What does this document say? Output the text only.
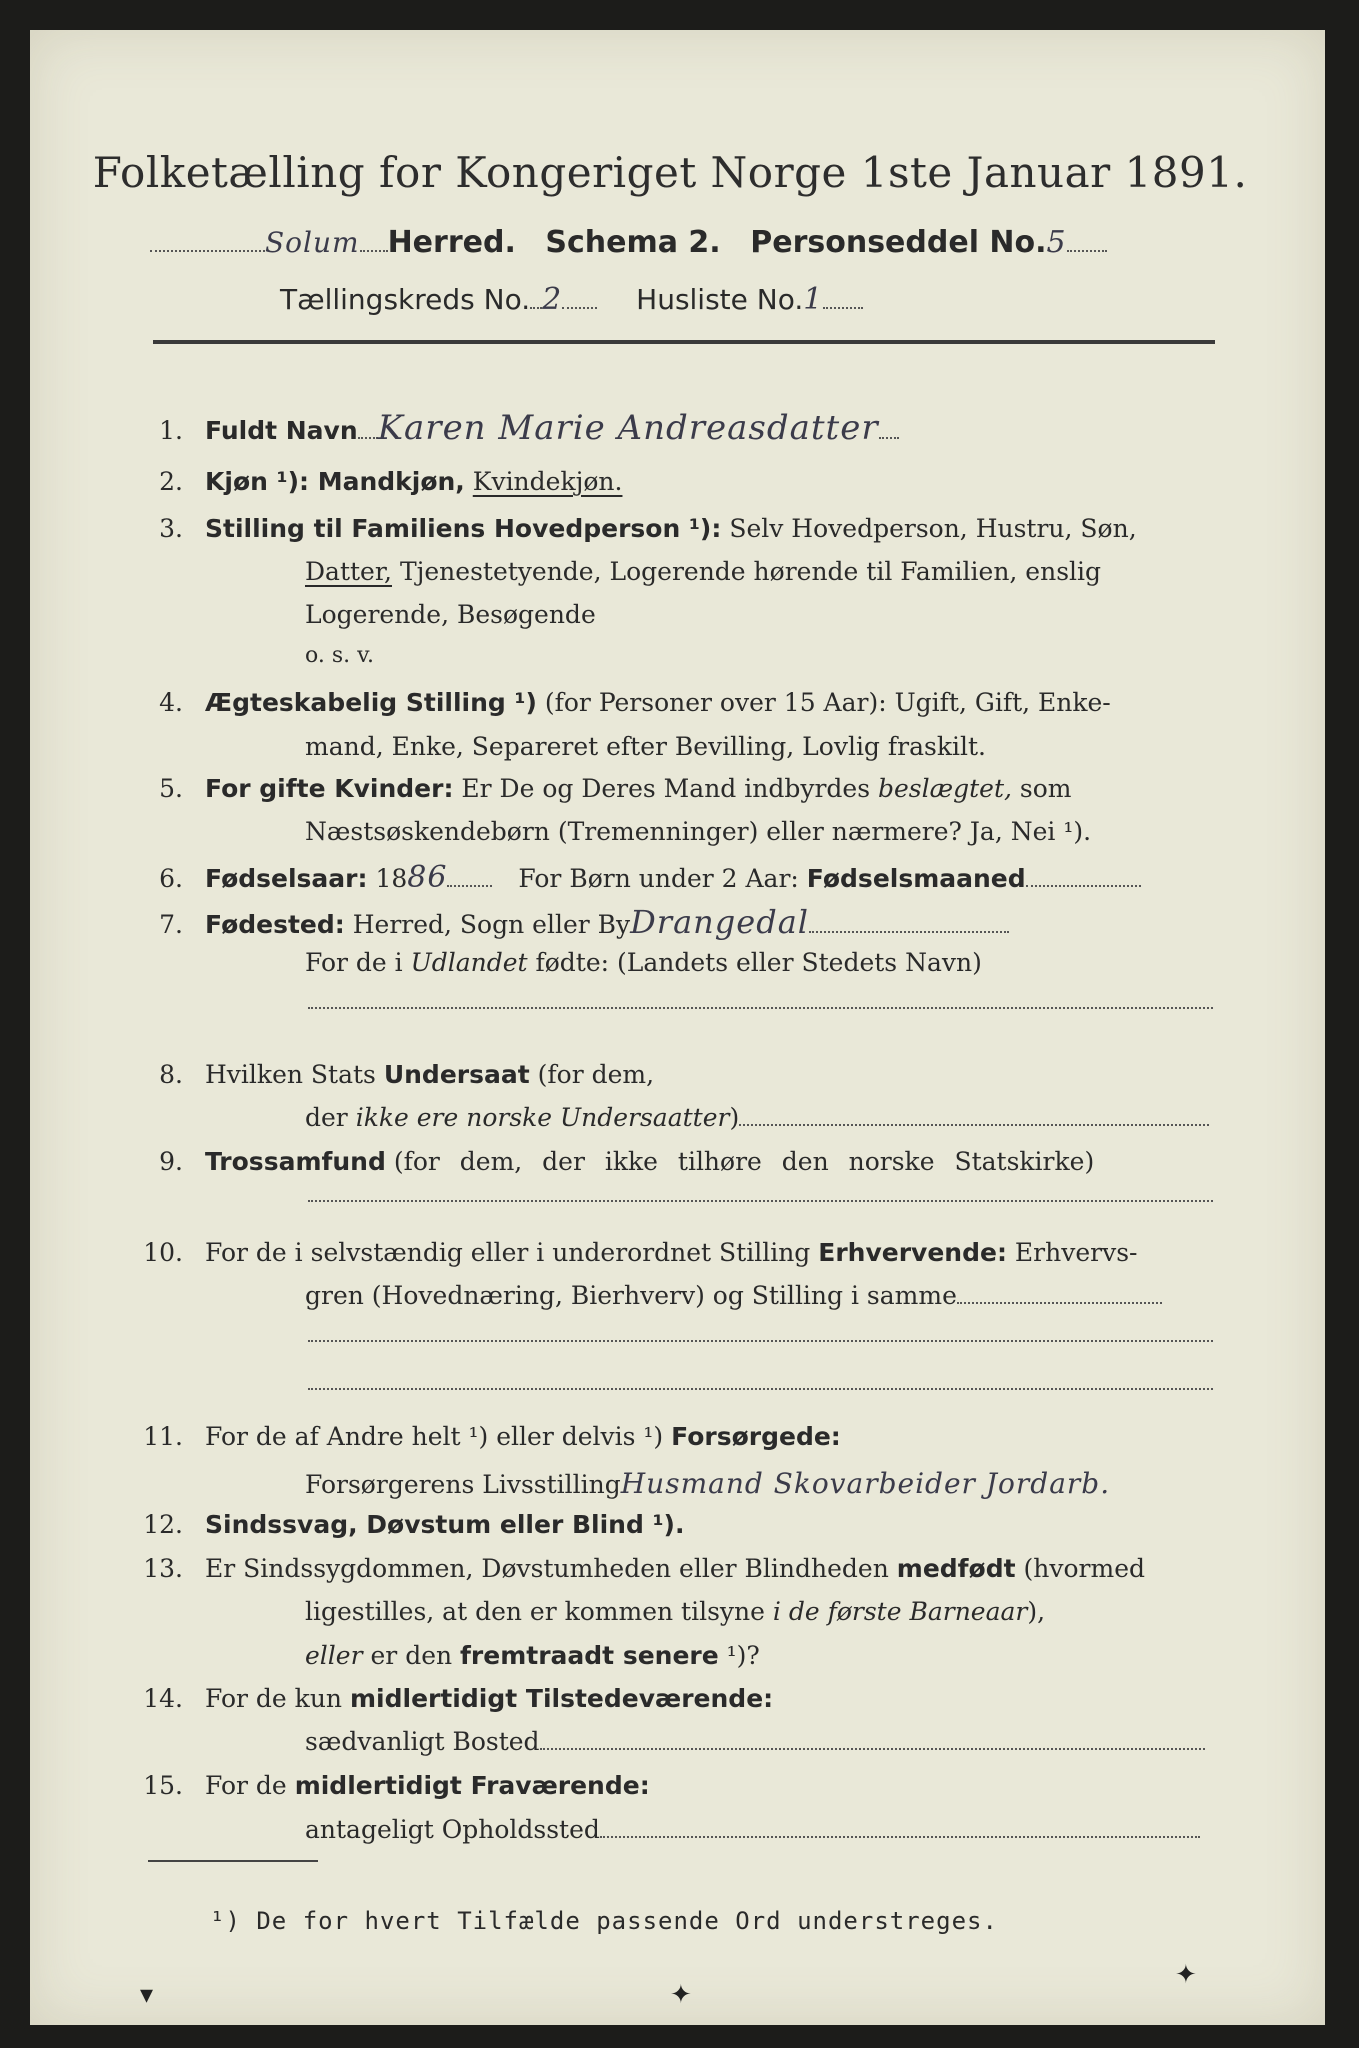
Folketælling for Kongeriget Norge 1ste Januar 1891.
Solum Herred. Schema 2. Personseddel No.5
Tællingskreds No. 2	Husliste No.1
1. Fuldt Navn Karen Marie Andreasdatter
2. Kjøn ¹): Mandkjøn, Kvindekjøn.
3. Stilling til Familiens Hovedperson ¹): Selv Hovedperson, Hustru, Søn,
Datter, Tjenestetyende, Logerende hørende til Familien, enslig
Logerende, Besøgende
o. s. v.
4. Ægteskabelig Stilling ¹) (for Personer over 15 Aar): Ugift, Gift, Enke-
mand, Enke, Separeret efter Bevilling, Lovlig fraskilt.
5. For gifte Kvinder: Er De og Deres Mand indbyrdes beslægtet, som
Næstsøskendebørn (Tremenninger) eller nærmere? Ja, Nei ¹).
6. Fødselsaar: 1886	For Børn under 2 Aar: Fødselsmaaned
7. Fødested: Herred, Sogn eller ByDrangedal
For de i Udlandet fødte: (Landets eller Stedets Navn)
8. Hvilken Stats Undersaat (for dem,
der ikke ere norske Undersaatter)
9. Trossamfund (for dem, der ikke tilhøre den norske Statskirke)
10. For de i selvstændig eller i underordnet Stilling Erhvervende: Erhvervs-
gren (Hovednæring, Bierhverv) og Stilling i samme
11. For de af Andre helt ¹) eller delvis ¹) Forsørgede:
Forsørgerens LivsstillingHusmand Skovarbeider Jordarb.
12. Sindssvag, Døvstum eller Blind ¹).
13. Er Sindssygdommen, Døvstumheden eller Blindheden medfødt (hvormed
ligestilles, at den er kommen tilsyne i de første Barneaar),
eller er den fremtraadt senere ¹)?
14. For de kun midlertidigt Tilstedeværende:
sædvanligt Bosted
15. For de midlertidigt Fraværende:
antageligt Opholdssted
¹) De for hvert Tilfælde passende Ord understreges.
▾	✦
✦
